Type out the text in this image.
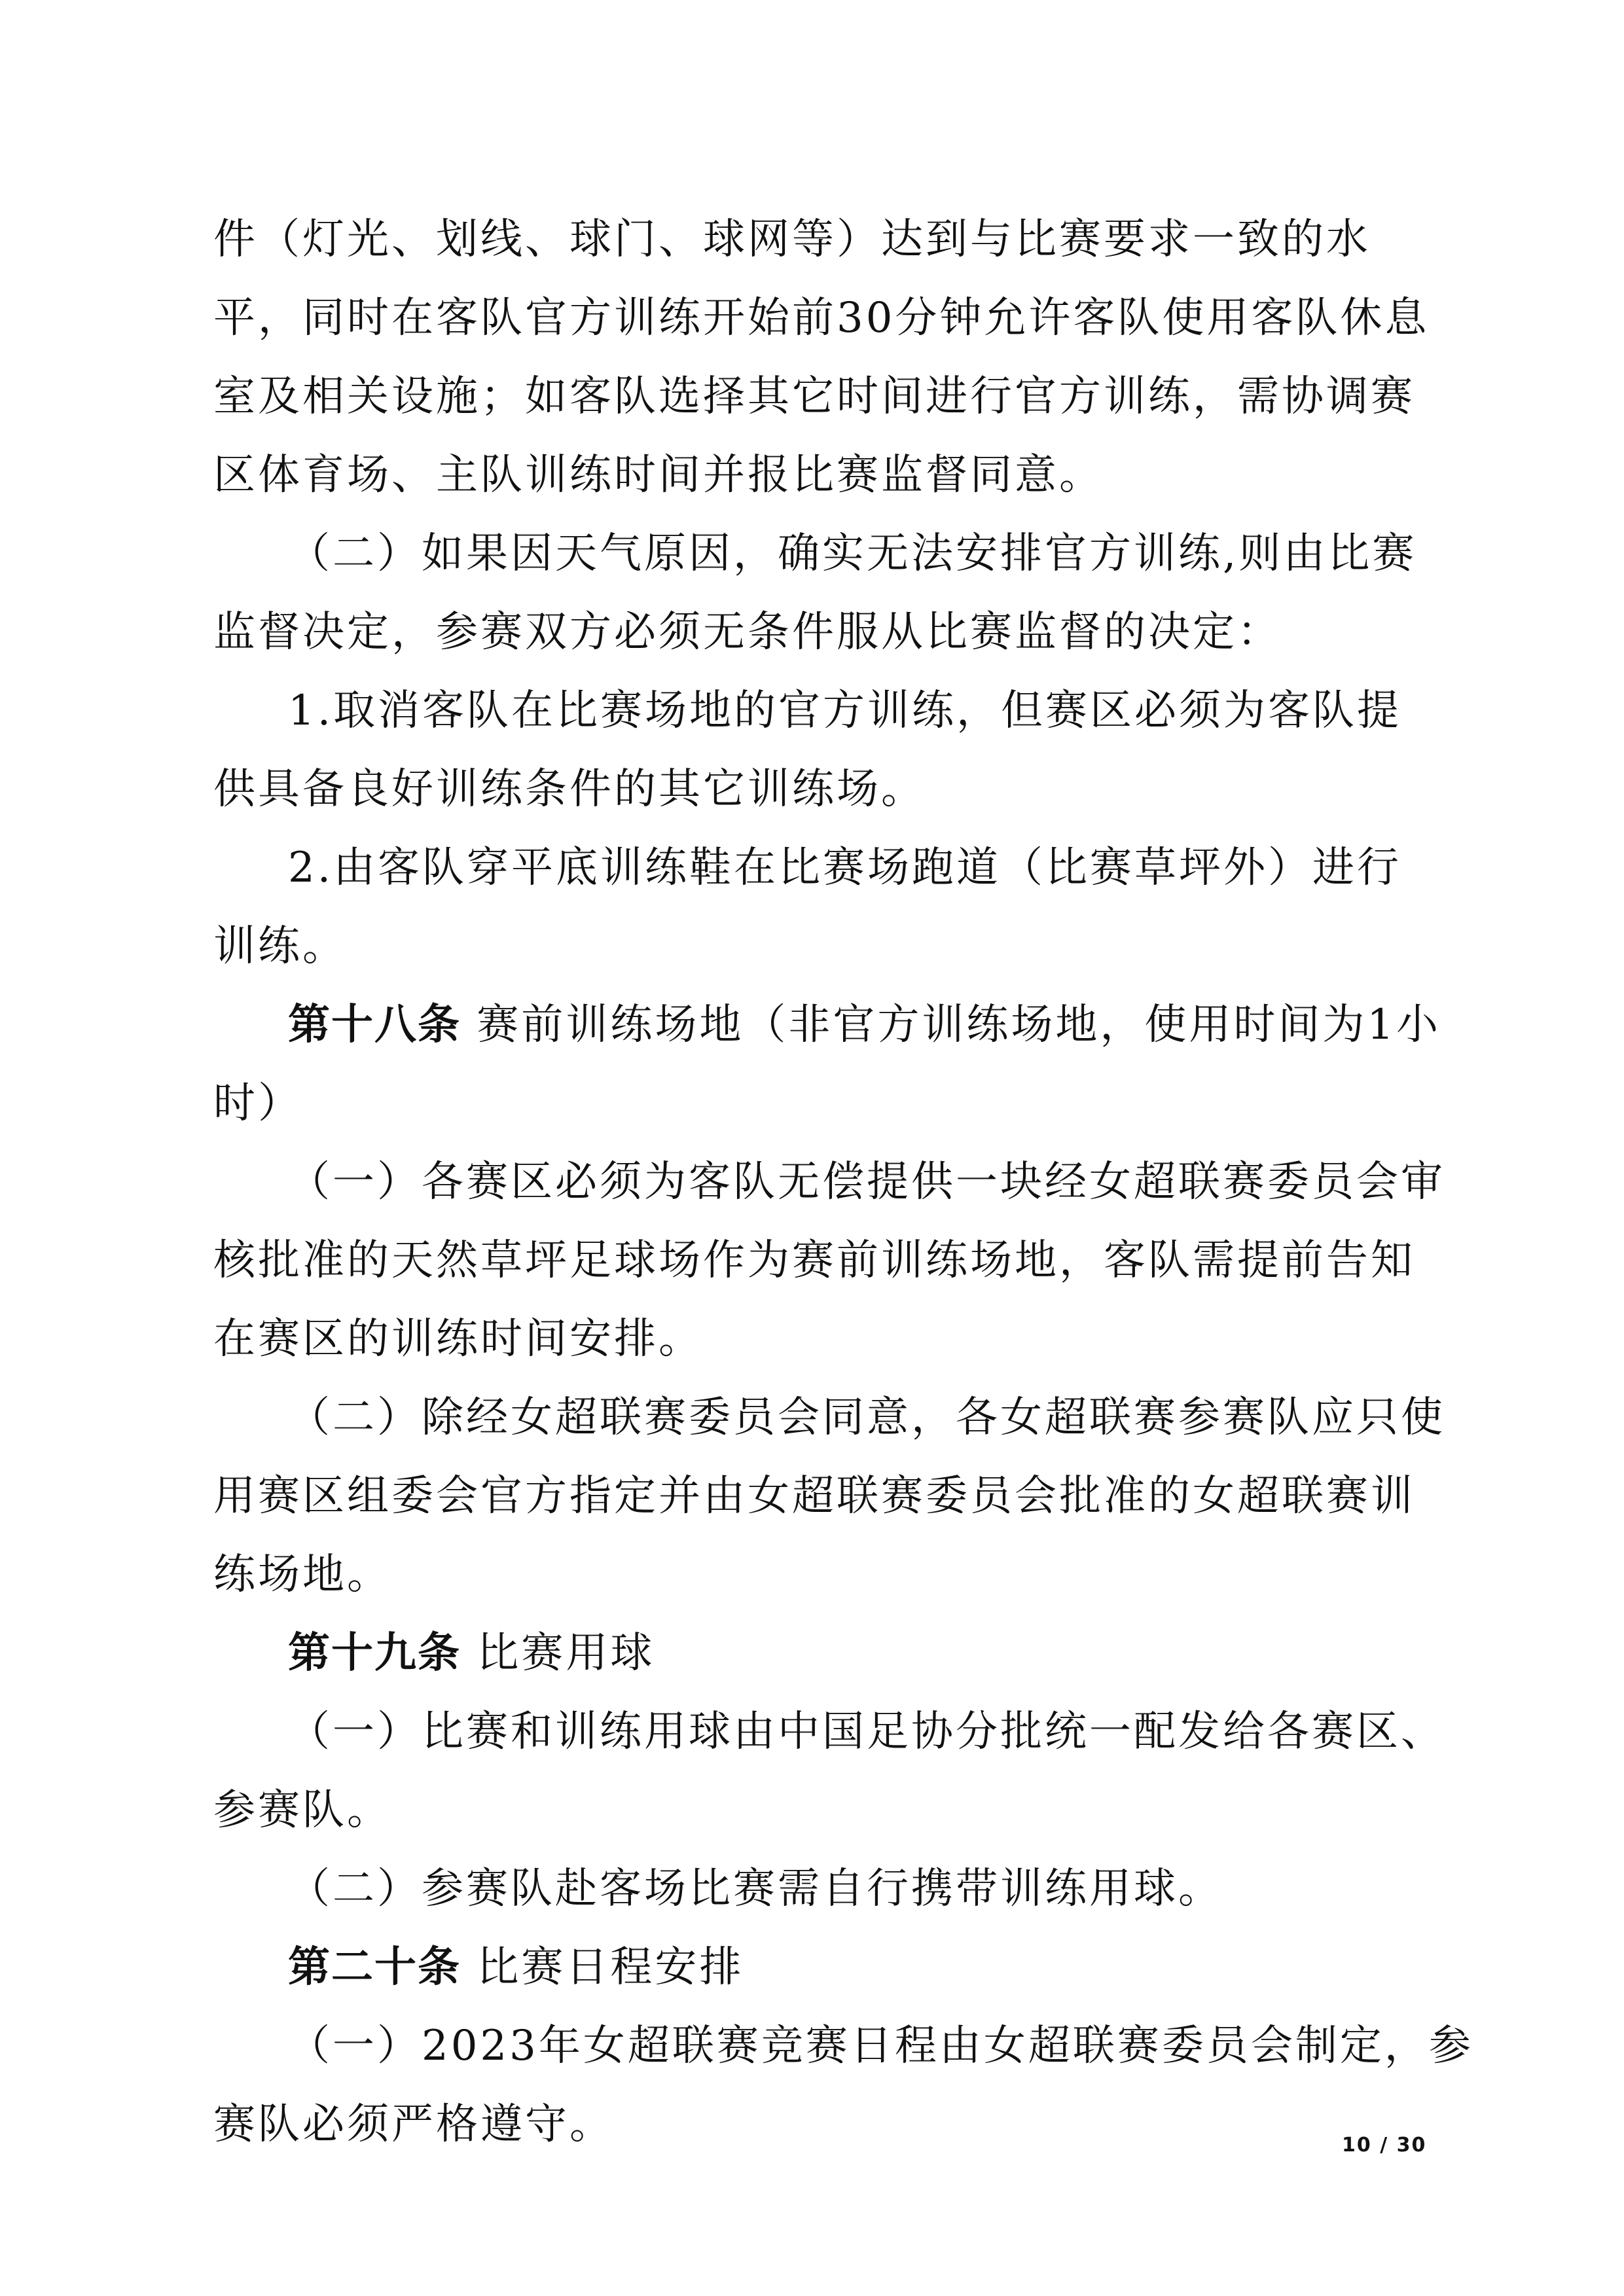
件（灯光、划线、球门、球网等）达到与比赛要求一致的水
平，同时在客队官方训练开始前30分钟允许客队使用客队休息
室及相关设施；如客队选择其它时间进行官方训练，需协调赛
区体育场、主队训练时间并报比赛监督同意。
（二）如果因天气原因，确实无法安排官方训练,则由比赛
监督决定，参赛双方必须无条件服从比赛监督的决定：
1.取消客队在比赛场地的官方训练，但赛区必须为客队提
供具备良好训练条件的其它训练场。
2.由客队穿平底训练鞋在比赛场跑道（比赛草坪外）进行
训练。
第十八条 赛前训练场地（非官方训练场地，使用时间为1小
时）
（一）各赛区必须为客队无偿提供一块经女超联赛委员会审
核批准的天然草坪足球场作为赛前训练场地，客队需提前告知
在赛区的训练时间安排。
（二）除经女超联赛委员会同意，各女超联赛参赛队应只使
用赛区组委会官方指定并由女超联赛委员会批准的女超联赛训
练场地。
第十九条 比赛用球
（一）比赛和训练用球由中国足协分批统一配发给各赛区、
参赛队。
（二）参赛队赴客场比赛需自行携带训练用球。
第二十条 比赛日程安排
（一）2023年女超联赛竞赛日程由女超联赛委员会制定，参
赛队必须严格遵守。	10 / 30
